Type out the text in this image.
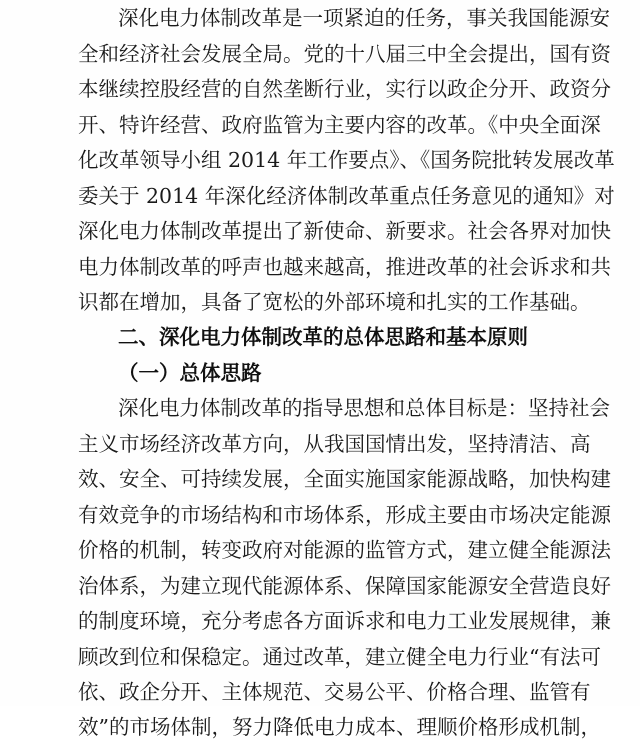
深化电力体制改革是一项紧迫的任务，事关我国能源安
全和经济社会发展全局。党的十八届三中全会提出，国有资
本继续控股经营的自然垄断行业，实行以政企分开、政资分
开、特许经营、政府监管为主要内容的改革。《中央全面深
化改革领导小组 2014 年工作要点》、《国务院批转发展改革
委关于 2014 年深化经济体制改革重点任务意见的通知》对
深化电力体制改革提出了新使命、新要求。社会各界对加快
电力体制改革的呼声也越来越高，推进改革的社会诉求和共
识都在增加，具备了宽松的外部环境和扎实的工作基础。
二、深化电力体制改革的总体思路和基本原则
（一）总体思路
深化电力体制改革的指导思想和总体目标是：坚持社会
主义市场经济改革方向，从我国国情出发，坚持清洁、高
效、安全、可持续发展，全面实施国家能源战略，加快构建
有效竞争的市场结构和市场体系，形成主要由市场决定能源
价格的机制，转变政府对能源的监管方式，建立健全能源法
治体系，为建立现代能源体系、保障国家能源安全营造良好
的制度环境，充分考虑各方面诉求和电力工业发展规律，兼
顾改到位和保稳定。通过改革，建立健全电力行业“有法可
依、政企分开、主体规范、交易公平、价格合理、监管有
效”的市场体制，努力降低电力成本、理顺价格形成机制，
